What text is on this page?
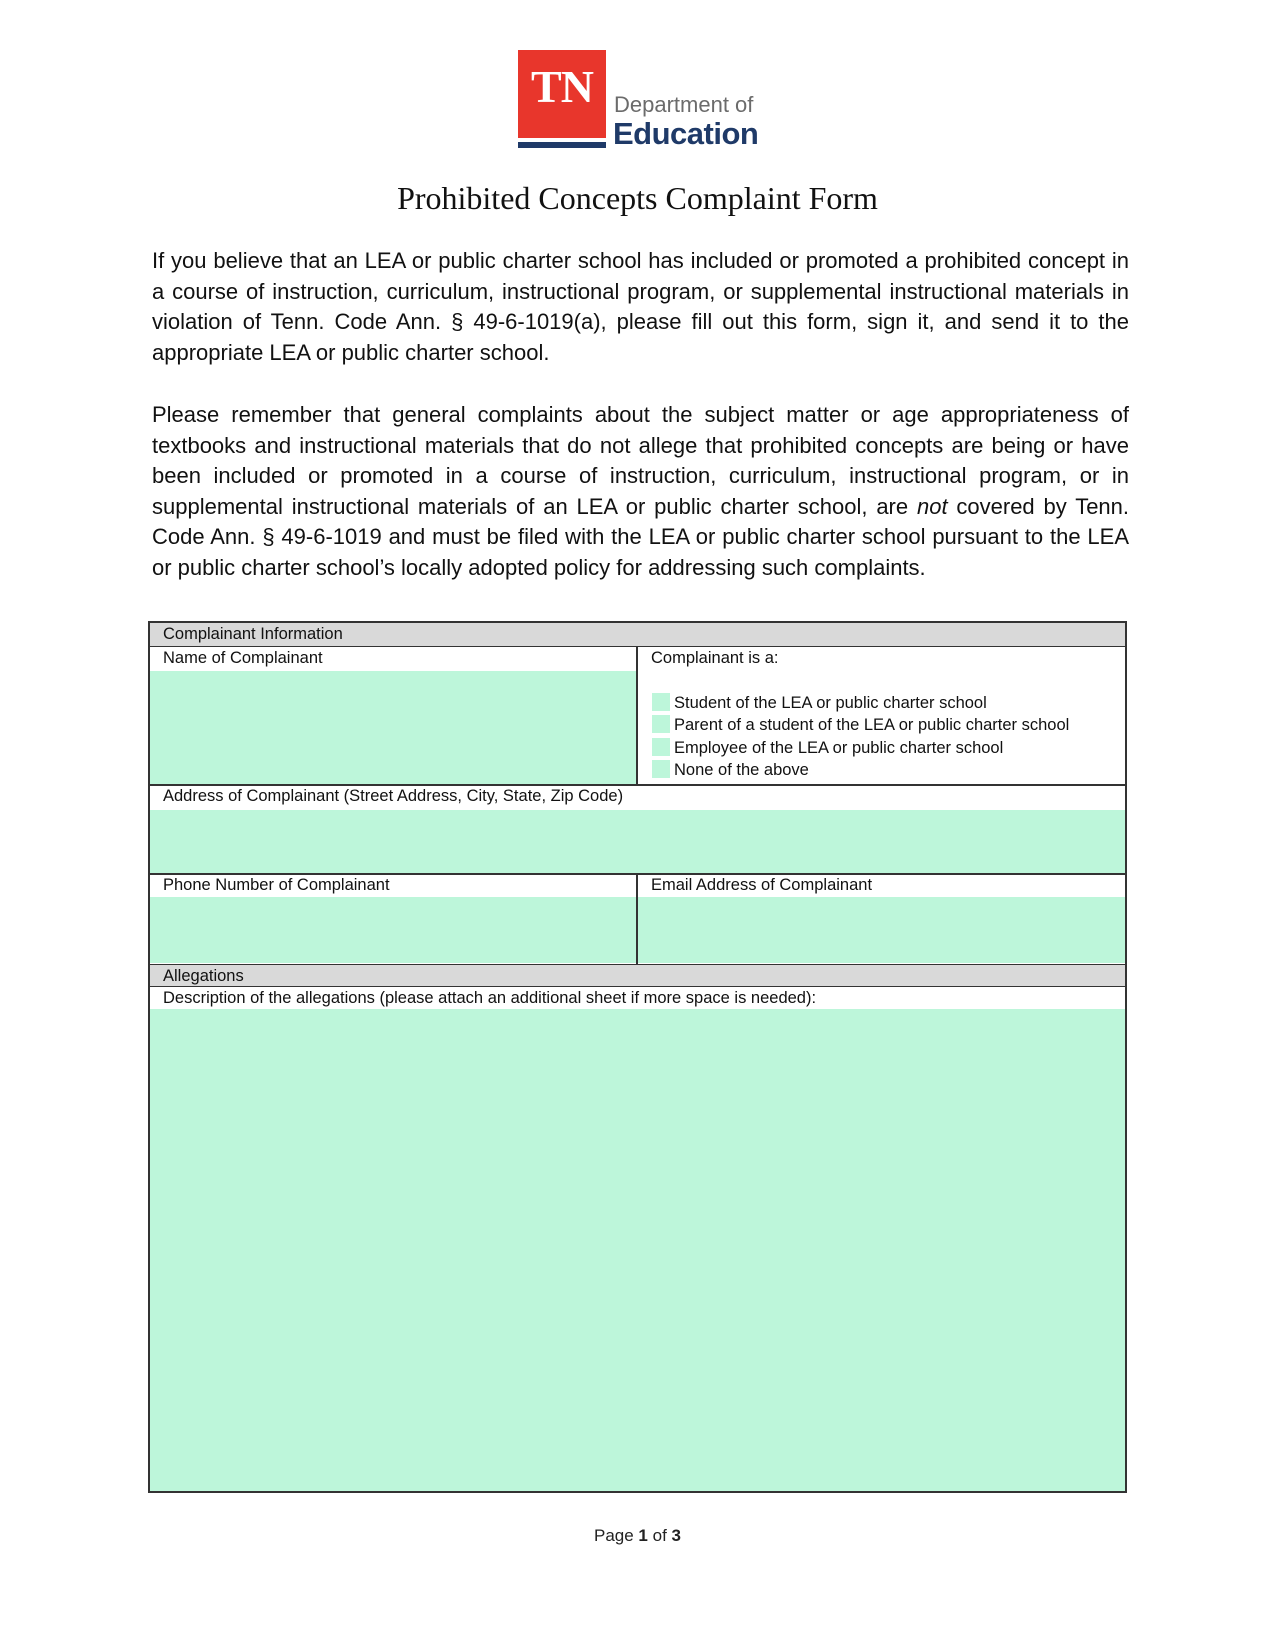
TN Department of
Education
Prohibited Concepts Complaint Form
If you believe that an LEA or public charter school has included or promoted a prohibited concept in a course of instruction, curriculum, instructional program, or supplemental instructional materials in violation of Tenn. Code Ann. § 49-6-1019(a), please fill out this form, sign it, and send it to the appropriate LEA or public charter school.
Please remember that general complaints about the subject matter or age appropriateness of textbooks and instructional materials that do not allege that prohibited concepts are being or have been included or promoted in a course of instruction, curriculum, instructional program, or in supplemental instructional materials of an LEA or public charter school, are not covered by Tenn. Code Ann. § 49-6-1019 and must be filed with the LEA or public charter school pursuant to the LEA or public charter school’s locally adopted policy for addressing such complaints.
Complainant Information
Name of Complainant	Complainant is a:
Student of the LEA or public charter school
Parent of a student of the LEA or public charter school
Employee of the LEA or public charter school
None of the above
Address of Complainant (Street Address, City, State, Zip Code)
Phone Number of Complainant	Email Address of Complainant
Allegations
Description of the allegations (please attach an additional sheet if more space is needed):
Page 1 of 3
